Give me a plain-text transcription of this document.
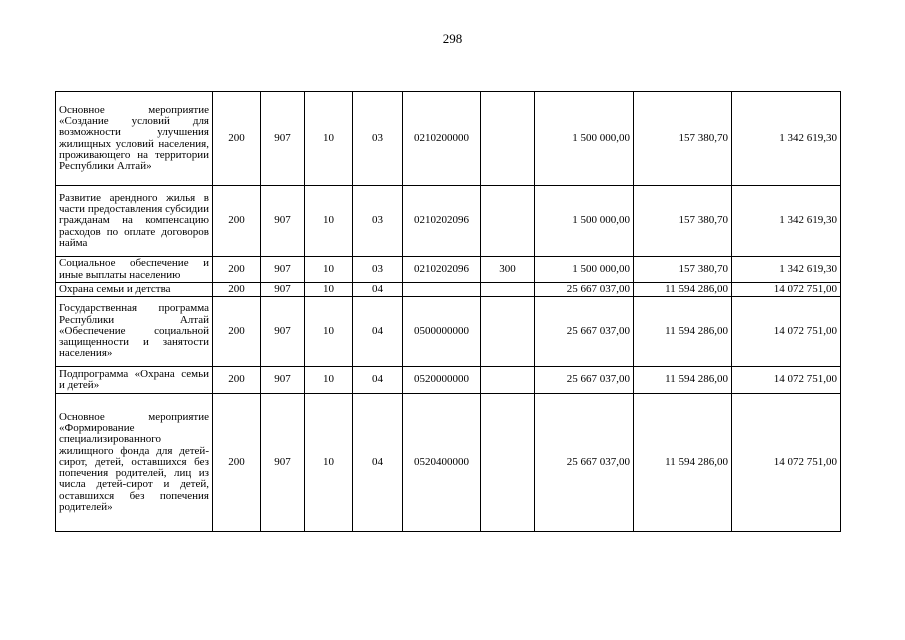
298
Основное мероприятие «Создание условий для возможности улучшения жилищных условий населения, проживающего на территории Республики Алтай»	200	907	10	03	0210200000		1 500 000,00	157 380,70	1 342 619,30
Развитие арендного жилья в части предоставления субсидии гражданам на компенсацию расходов по оплате договоров найма	200	907	10	03	0210202096		1 500 000,00	157 380,70	1 342 619,30
Социальное обеспечение и иные выплаты населению	200	907	10	03	0210202096	300	1 500 000,00	157 380,70	1 342 619,30
Охрана семьи и детства	200	907	10	04			25 667 037,00	11 594 286,00	14 072 751,00
Государственная программа Республики Алтай «Обеспечение социальной защищенности и занятости населения»	200	907	10	04	0500000000		25 667 037,00	11 594 286,00	14 072 751,00
Подпрограмма «Охрана семьи и детей»	200	907	10	04	0520000000		25 667 037,00	11 594 286,00	14 072 751,00
Основное мероприятие «Формирование специализированного жилищного фонда для детей-сирот, детей, оставшихся без попечения родителей, лиц из числа детей-сирот и детей, оставшихся без попечения родителей»	200	907	10	04	0520400000		25 667 037,00	11 594 286,00	14 072 751,00
